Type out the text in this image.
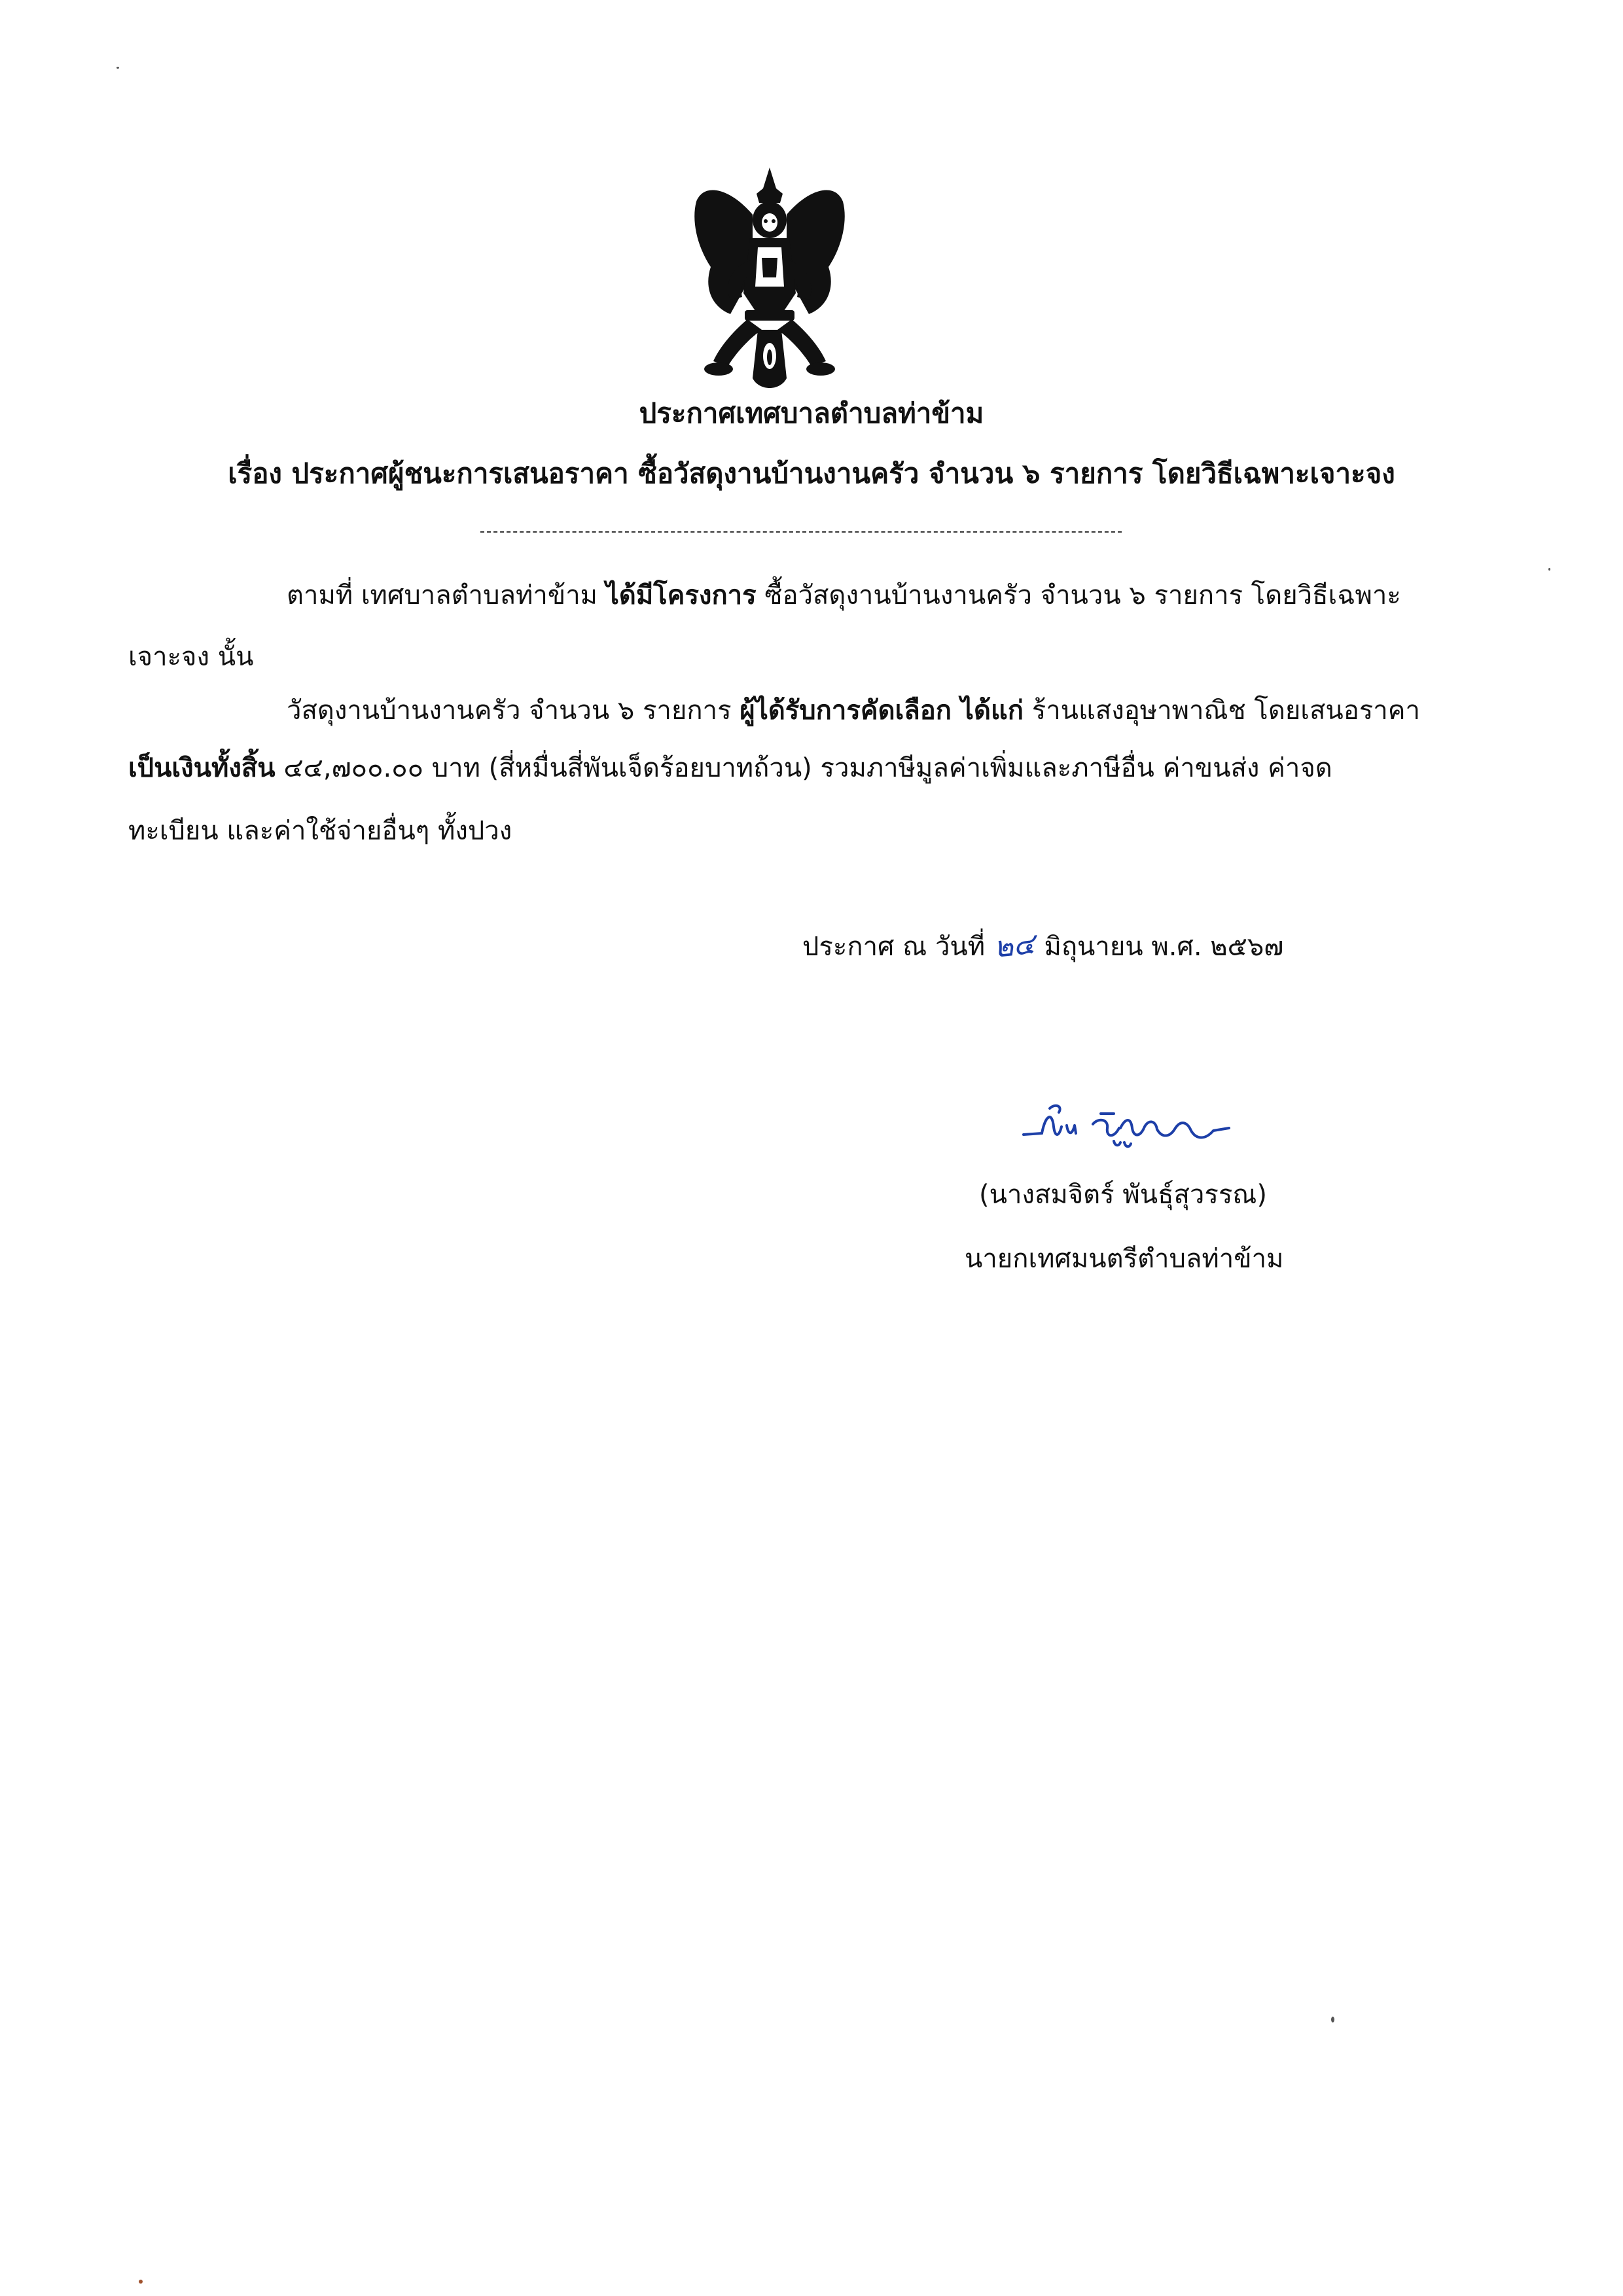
ประกาศเทศบาลตำบลท่าข้าม
เรื่อง ประกาศผู้ชนะการเสนอราคา ซื้อวัสดุงานบ้านงานครัว จำนวน ๖ รายการ โดยวิธีเฉพาะเจาะจง
ตามที่ เทศบาลตำบลท่าข้าม ได้มีโครงการ ซื้อวัสดุงานบ้านงานครัว จำนวน ๖ รายการ โดยวิธีเฉพาะ
เจาะจง นั้น
วัสดุงานบ้านงานครัว จำนวน ๖ รายการ ผู้ได้รับการคัดเลือก ได้แก่ ร้านแสงอุษาพาณิช โดยเสนอราคา
เป็นเงินทั้งสิ้น ๔๔,๗๐๐.๐๐ บาท (สี่หมื่นสี่พันเจ็ดร้อยบาทถ้วน) รวมภาษีมูลค่าเพิ่มและภาษีอื่น ค่าขนส่ง ค่าจด
ทะเบียน และค่าใช้จ่ายอื่นๆ ทั้งปวง
ประกาศ ณ วันที่ ๒๔ มิถุนายน พ.ศ. ๒๕๖๗
(นางสมจิตร์ พันธุ์สุวรรณ)
นายกเทศมนตรีตำบลท่าข้าม
